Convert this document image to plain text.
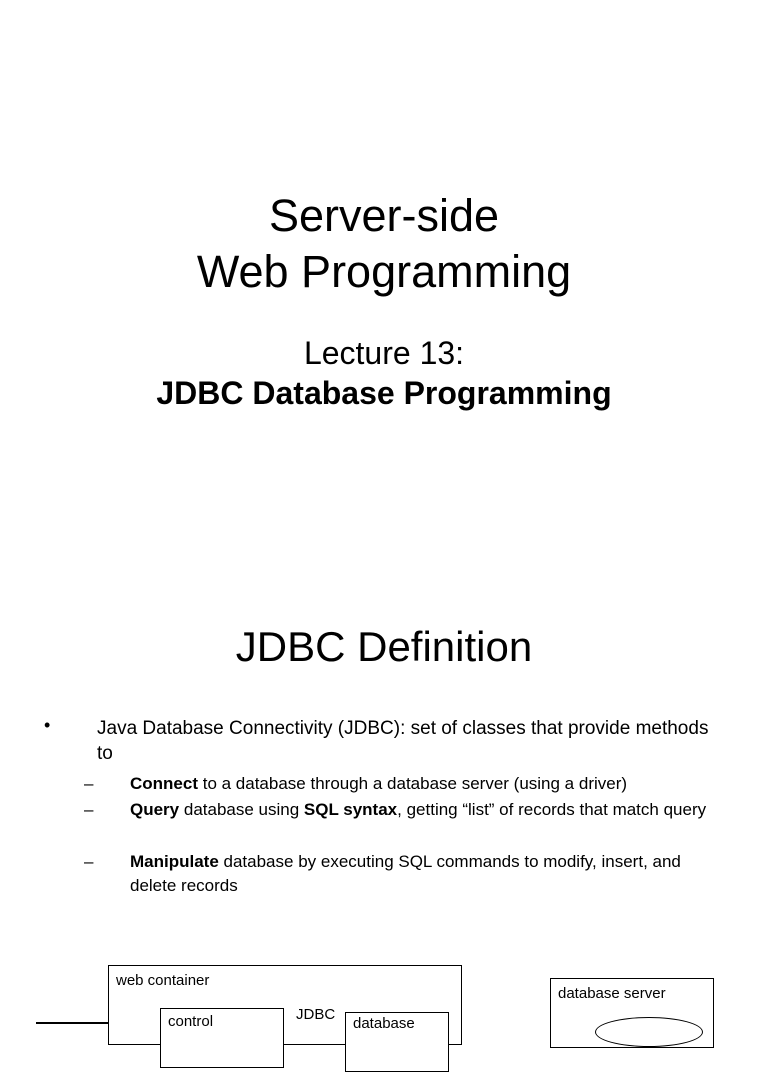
Server-side
Web Programming
Lecture 13:
JDBC Database Programming
JDBC Definition
• Java Database Connectivity (JDBC): set of classes that provide methods to
– Connect to a database through a database server (using a driver)
– Query database using SQL syntax, getting “list” of records that match query
– Manipulate database by executing SQL commands to modify, insert, and delete records
web container
control	JDBC
database
database server
